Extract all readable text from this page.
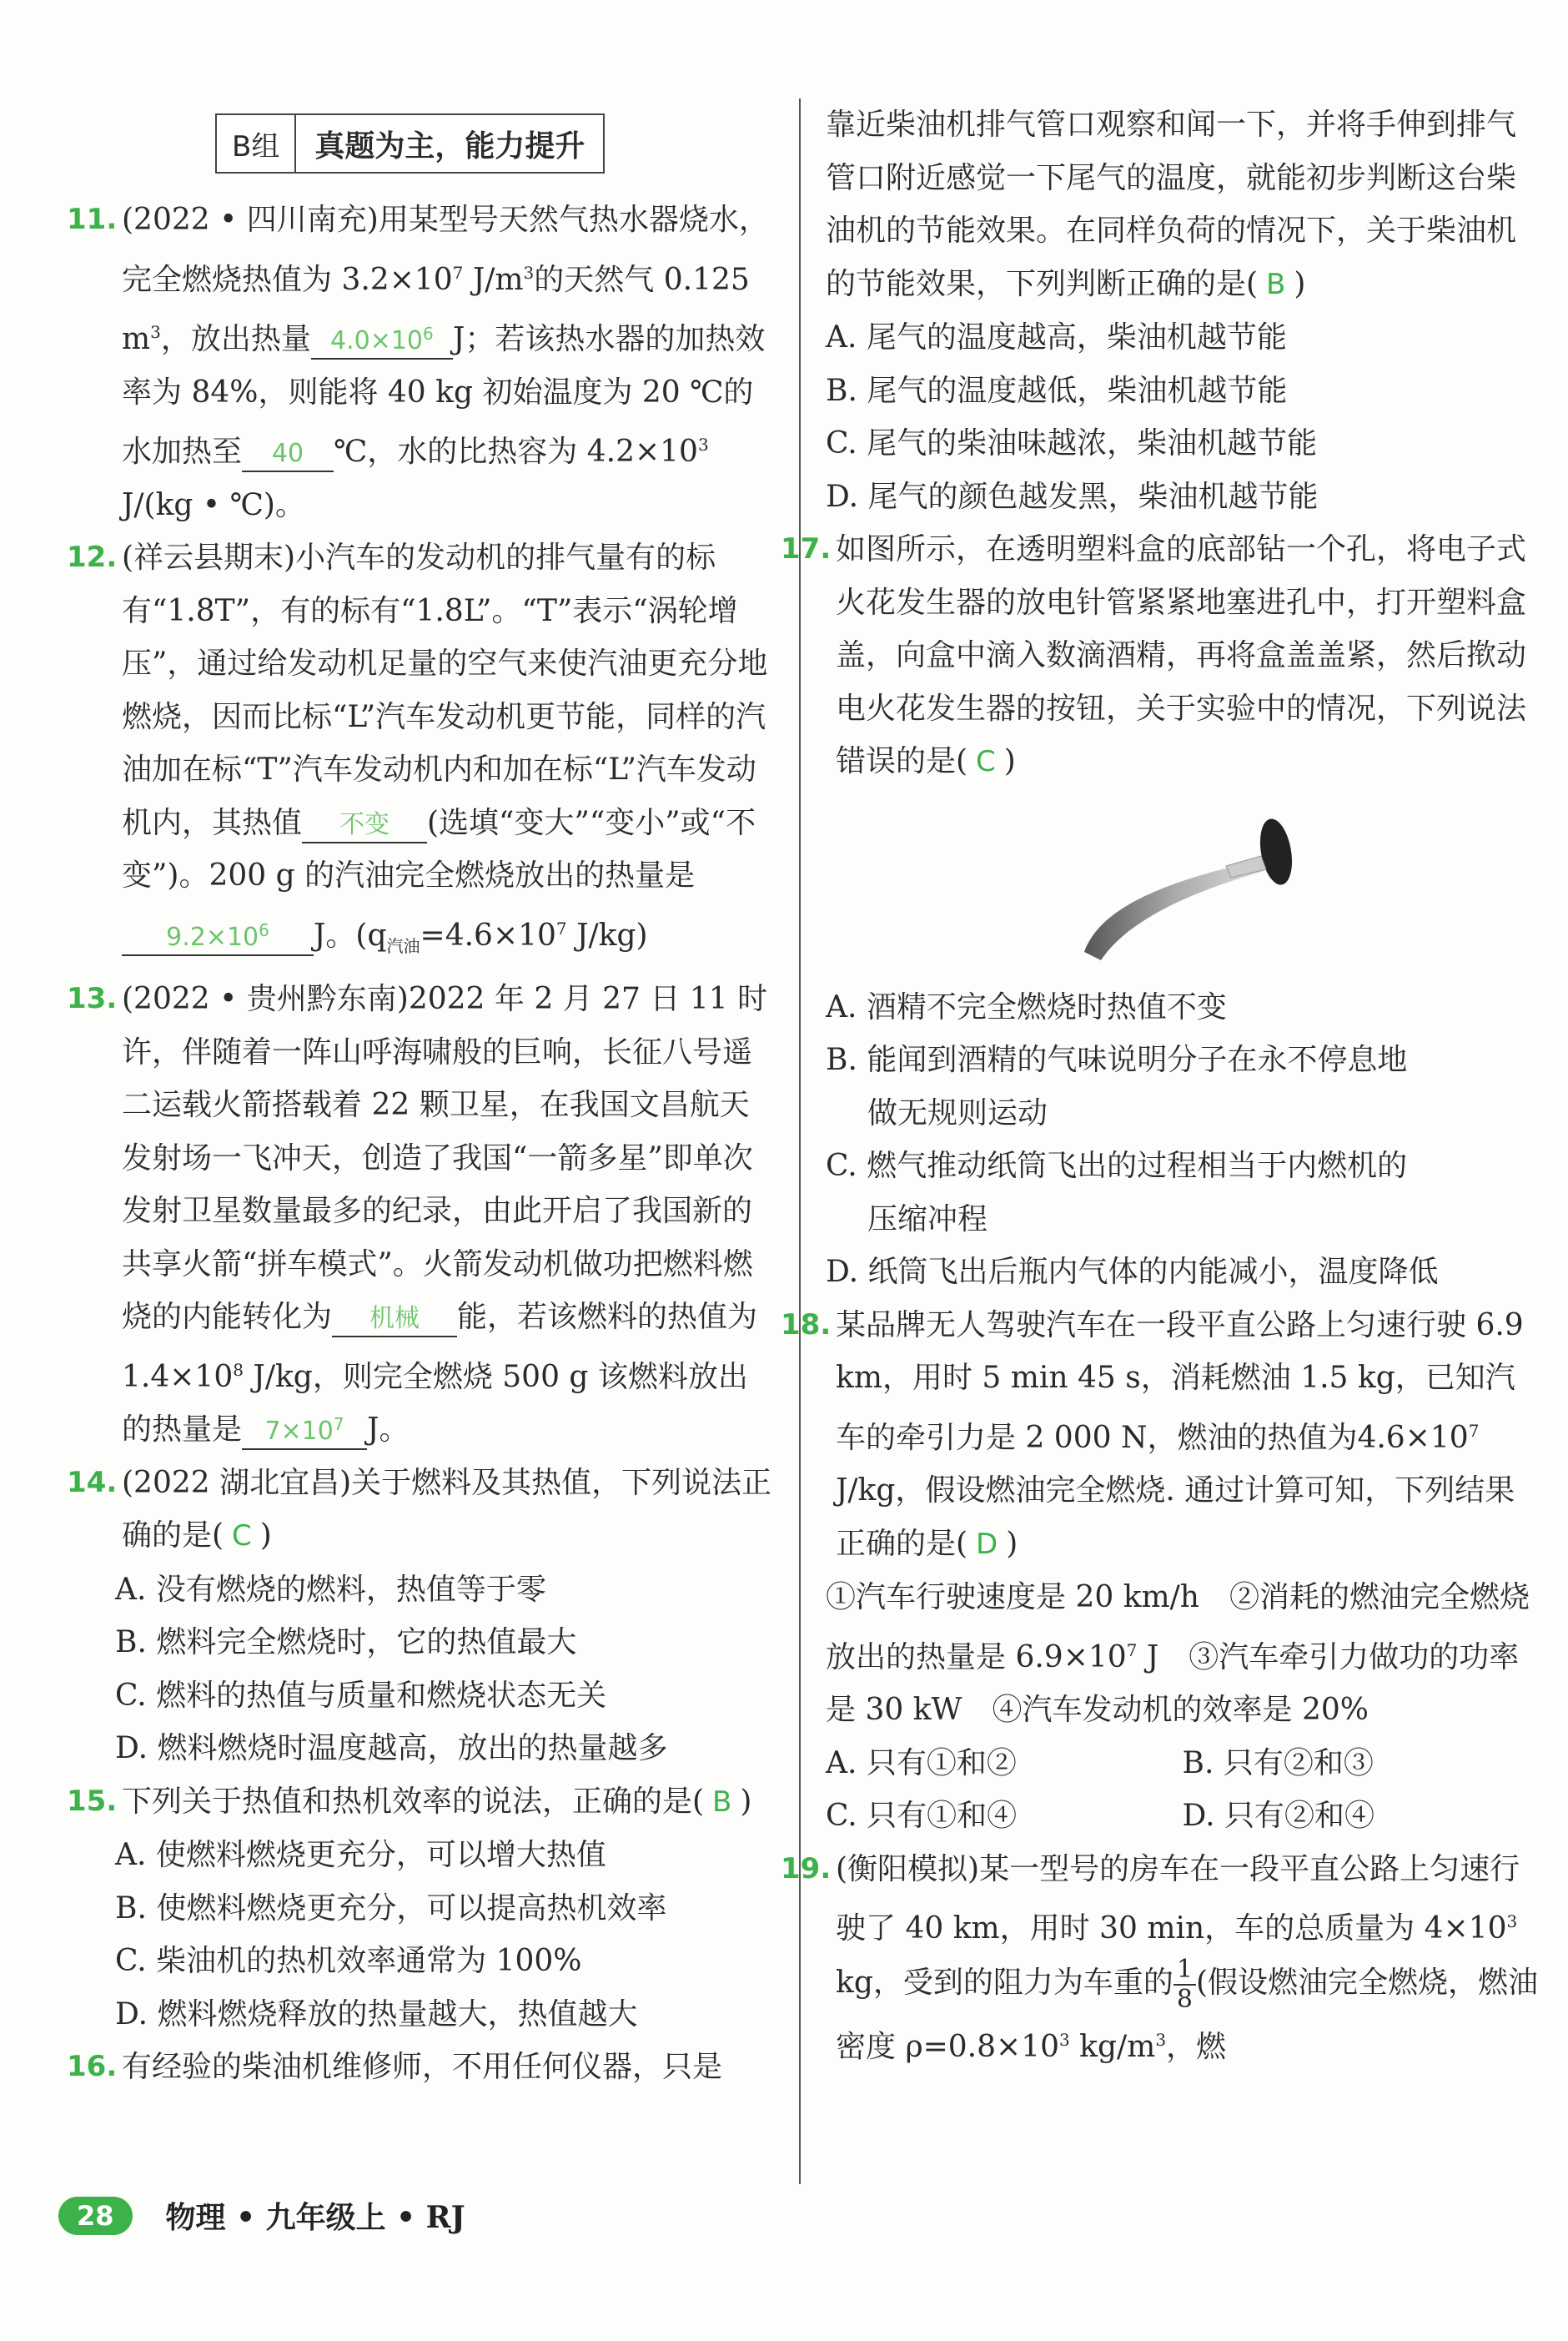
B组	真题为主，能力提升
11. (2022 • 四川南充)用某型号天然气热水器烧水，完全燃烧热值为 $3.2\times 10^7$ $J/m^3$的天然气 0.125 $m^3$，放出热量 $4.0\times 10^6$ J；若该热水器的加热效率为 84%，则能将 40 kg 初始温度为 20 ℃的水加热至 40 ℃，水的比热容为 $4.2\times 10^3$ J/(kg • ℃)。
12. (祥云县期末)小汽车的发动机的排气量有的标有“1.8T”，有的标有“1.8L”。“T”表示“涡轮增压”，通过给发动机足量的空气来使汽油更充分地燃烧，因而比标“L”汽车发动机更节能，同样的汽油加在标“T”汽车发动机内和加在标“L”汽车发动机内，其热值 不变 (选填“变大”“变小”或“不变”)。200 g 的汽油完全燃烧放出的热量是$9.2\times 10^6$ J。($q_{汽油}=4.6\times 10^7$ J/kg)
13. (2022 • 贵州黔东南)2022 年 2 月 27 日 11 时许，伴随着一阵山呼海啸般的巨响，长征八号遥二运载火箭搭载着 22 颗卫星，在我国文昌航天发射场一飞冲天，创造了我国“一箭多星”即单次发射卫星数量最多的纪录，由此开启了我国新的共享火箭“拼车模式”。火箭发动机做功把燃料燃烧的内能转化为 机械 能，若该燃料的热值为 $1.4\times 10^8$ J/kg，则完全燃烧 500 g 该燃料放出的热量是 $7\times 10^7$ J。
14. (2022 湖北宜昌)关于燃料及其热值，下列说法正确的是( C )
A. 没有燃烧的燃料，热值等于零
B. 燃料完全燃烧时，它的热值最大
C. 燃料的热值与质量和燃烧状态无关
D. 燃料燃烧时温度越高，放出的热量越多
15. 下列关于热值和热机效率的说法，正确的是( B )
A. 使燃料燃烧更充分，可以增大热值
B. 使燃料燃烧更充分，可以提高热机效率
C. 柴油机的热机效率通常为 100%
D. 燃料燃烧释放的热量越大，热值越大
16. 有经验的柴油机维修师，不用任何仪器，只是
靠近柴油机排气管口观察和闻一下，并将手伸到排气管口附近感觉一下尾气的温度，就能初步判断这台柴油机的节能效果。在同样负荷的情况下，关于柴油机的节能效果，下列判断正确的是( B )
A. 尾气的温度越高，柴油机越节能
B. 尾气的温度越低，柴油机越节能
C. 尾气的柴油味越浓，柴油机越节能
D. 尾气的颜色越发黑，柴油机越节能
17. 如图所示，在透明塑料盒的底部钻一个孔，将电子式火花发生器的放电针管紧紧地塞进孔中，打开塑料盒盖，向盒中滴入数滴酒精，再将盒盖盖紧，然后揿动电火花发生器的按钮，关于实验中的情况，下列说法错误的是( C )
A. 酒精不完全燃烧时热值不变
B. 能闻到酒精的气味说明分子在永不停息地
做无规则运动
C. 燃气推动纸筒飞出的过程相当于内燃机的
压缩冲程
D. 纸筒飞出后瓶内气体的内能减小，温度降低
18. 某品牌无人驾驶汽车在一段平直公路上匀速行驶 6.9 km，用时 5 min 45 s，消耗燃油 1.5 kg，已知汽车的牵引力是 2 000 N，燃油的热值为$4.6\times 10^7$ J/kg，假设燃油完全燃烧. 通过计算可知，下列结果正确的是( D )
①汽车行驶速度是 20 km/h　②消耗的燃油完全燃烧放出的热量是 $6.9\times 10^7$ J　③汽车牵引力做功的功率是 30 kW　④汽车发动机的效率是 20%
A. 只有①和②	B. 只有②和③
C. 只有①和④	D. 只有②和④
19. (衡阳模拟)某一型号的房车在一段平直公路上匀速行驶了 40 km，用时 30 min，车的总质量为 $4\times 10^3$ kg，受到的阻力为车重的 $\frac{1}{8}$ (假设燃油完全燃烧，燃油密度 $\rho=0.8\times 10^3$ $kg/m^3$，燃
28	物理 • 九年级上 • RJ
